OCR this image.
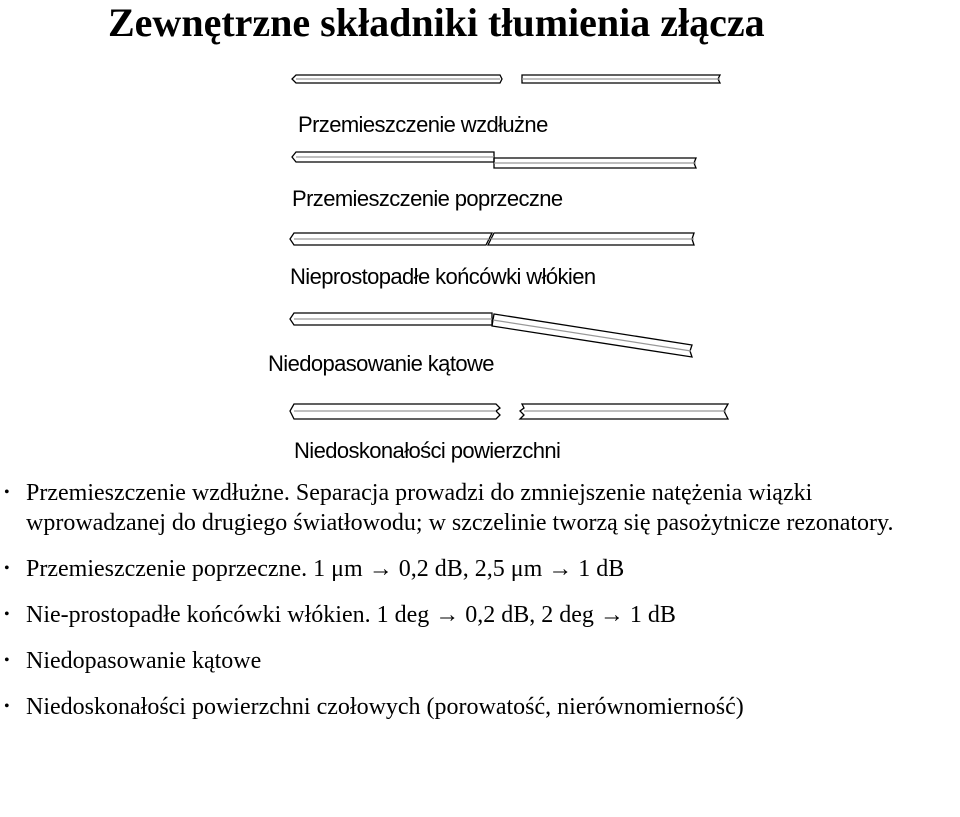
Zewnętrzne składniki tłumienia złącza
Przemieszczenie wzdłużne
Przemieszczenie poprzeczne
Nieprostopadłe końcówki włókien
Niedopasowanie kątowe
Niedoskonałości powierzchni
• Przemieszczenie wzdłużne. Separacja prowadzi do zmniejszenie natężenia wiązki wprowadzanej do drugiego światłowodu; w szczelinie tworzą się pasożytnicze rezonatory.
• Przemieszczenie poprzeczne. 1 μm → 0,2 dB, 2,5 μm → 1 dB
• Nie-prostopadłe końcówki włókien. 1 deg → 0,2 dB, 2 deg → 1 dB
• Niedopasowanie kątowe
• Niedoskonałości powierzchni czołowych (porowatość, nierównomierność)
